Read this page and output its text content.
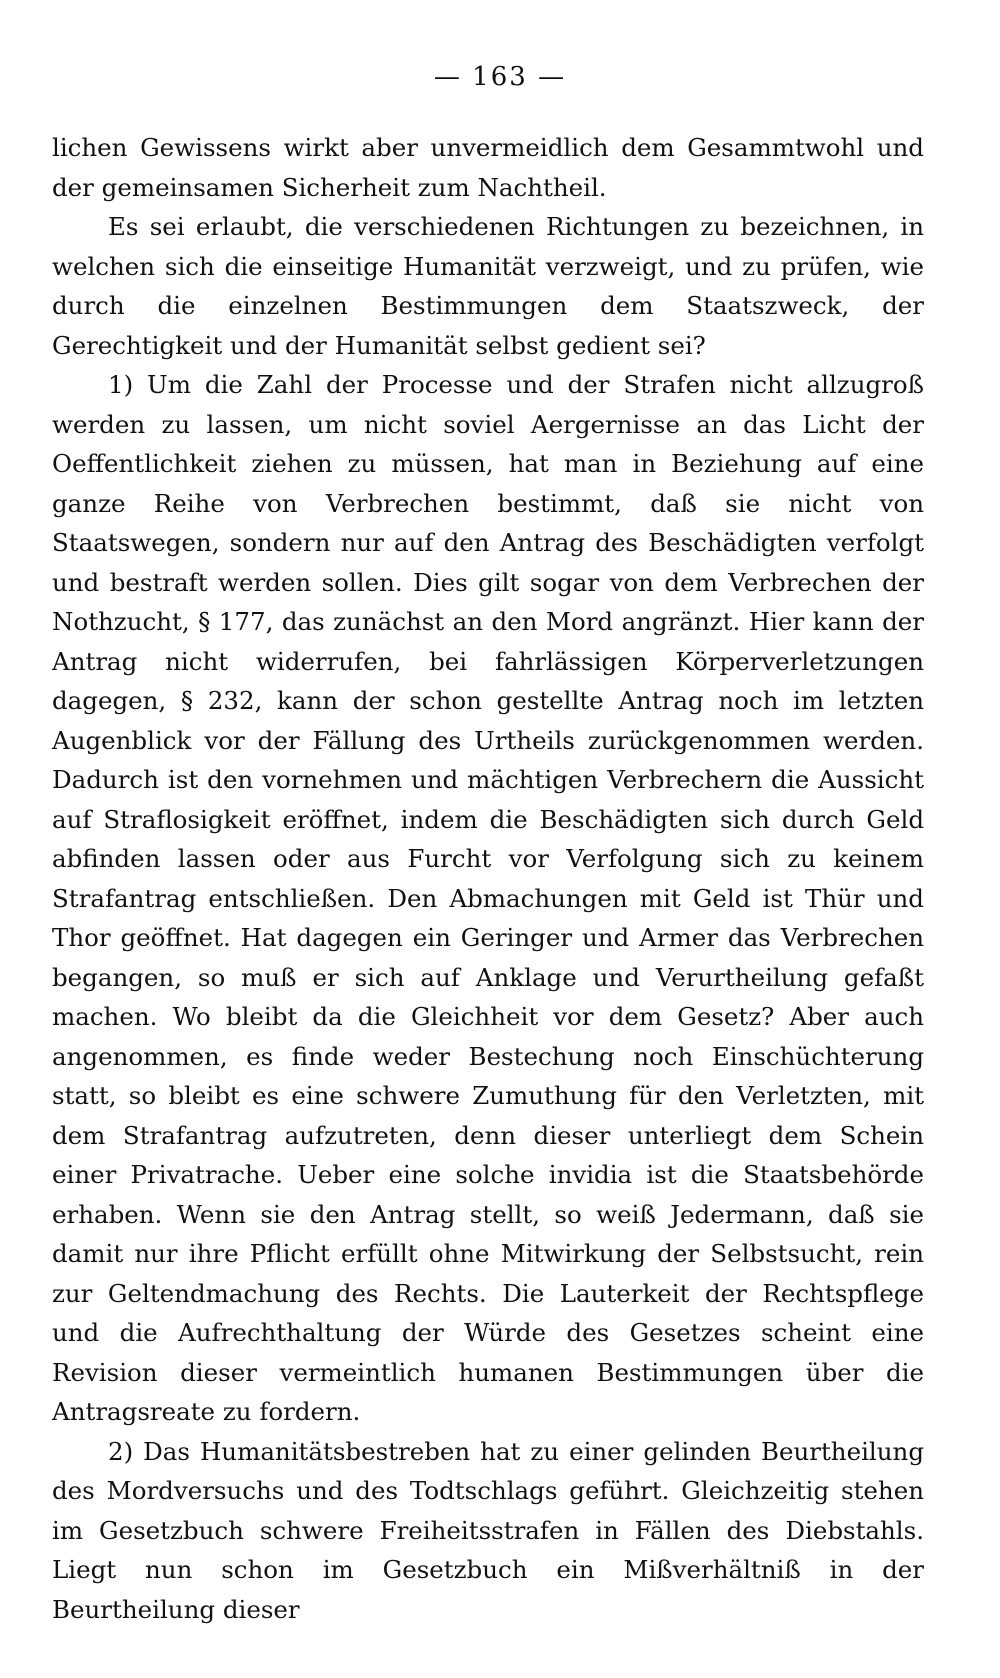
— 163 —

lichen Gewissens wirkt aber unvermeidlich dem Gesammtwohl und der gemeinsamen Sicherheit zum Nachtheil.

Es sei erlaubt, die verschiedenen Richtungen zu bezeichnen, in welchen sich die einseitige Humanität verzweigt, und zu prüfen, wie durch die einzelnen Bestimmungen dem Staatszweck, der Gerechtigkeit und der Humanität selbst gedient sei?

1) Um die Zahl der Processe und der Strafen nicht allzugroß werden zu lassen, um nicht soviel Aergernisse an das Licht der Oeffentlichkeit ziehen zu müssen, hat man in Beziehung auf eine ganze Reihe von Verbrechen bestimmt, daß sie nicht von Staatswegen, sondern nur auf den Antrag des Beschädigten verfolgt und bestraft werden sollen. Dies gilt sogar von dem Verbrechen der Nothzucht, § 177, das zunächst an den Mord angränzt. Hier kann der Antrag nicht widerrufen, bei fahrlässigen Körperverletzungen dagegen, § 232, kann der schon gestellte Antrag noch im letzten Augenblick vor der Fällung des Urtheils zurückgenommen werden. Dadurch ist den vornehmen und mächtigen Verbrechern die Aussicht auf Straflosigkeit eröffnet, indem die Beschädigten sich durch Geld abfinden lassen oder aus Furcht vor Verfolgung sich zu keinem Strafantrag entschließen. Den Abmachungen mit Geld ist Thür und Thor geöffnet. Hat dagegen ein Geringer und Armer das Verbrechen begangen, so muß er sich auf Anklage und Verurtheilung gefaßt machen. Wo bleibt da die Gleichheit vor dem Gesetz? Aber auch angenommen, es finde weder Bestechung noch Einschüchterung statt, so bleibt es eine schwere Zumuthung für den Verletzten, mit dem Strafantrag aufzutreten, denn dieser unterliegt dem Schein einer Privatrache. Ueber eine solche invidia ist die Staatsbehörde erhaben. Wenn sie den Antrag stellt, so weiß Jedermann, daß sie damit nur ihre Pflicht erfüllt ohne Mitwirkung der Selbstsucht, rein zur Geltendmachung des Rechts. Die Lauterkeit der Rechtspflege und die Aufrechthaltung der Würde des Gesetzes scheint eine Revision dieser vermeintlich humanen Bestimmungen über die Antragsreate zu fordern.

2) Das Humanitätsbestreben hat zu einer gelinden Beurtheilung des Mordversuchs und des Todtschlags geführt. Gleichzeitig stehen im Gesetzbuch schwere Freiheitsstrafen in Fällen des Diebstahls. Liegt nun schon im Gesetzbuch ein Mißverhältniß in der Beurtheilung dieser
